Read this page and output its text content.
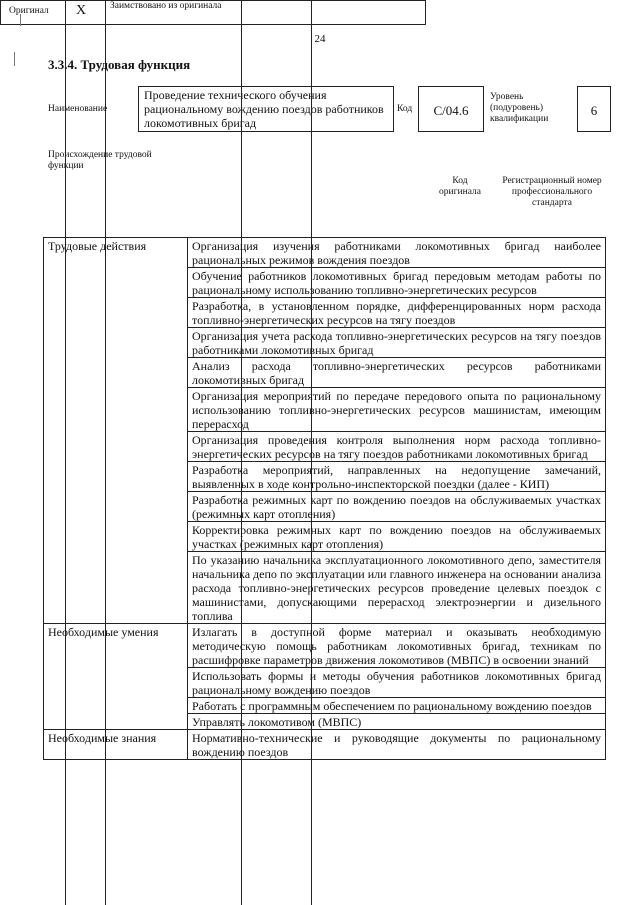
24
3.3.4. Трудовая функция
Наименование
Проведение технического обучения рациональному вождению поездов работников локомотивных бригад
Код	С/04.6
Уровень (подуровень) квалификации
6
Происхождение трудовой функции
Оригинал X	Заимствовано из оригинала
Код оригинала
Регистрационный номер профессионального стандарта
Трудовые действия	Организация изучения работниками локомотивных бригад наиболее рациональных режимов вождения поездов
	Обучение работников локомотивных бригад передовым методам работы по рациональному использованию топливно-энергетических ресурсов
	Разработка, в установленном порядке, дифференцированных норм расхода топливно-энергетических ресурсов на тягу поездов
	Организация учета расхода топливно-энергетических ресурсов на тягу поездов работниками локомотивных бригад
	Анализ расхода топливно-энергетических ресурсов работниками локомотивных бригад
	Организация мероприятий по передаче передового опыта по рациональному использованию топливно-энергетических ресурсов машинистам, имеющим перерасход
	Организация проведения контроля выполнения норм расхода топливно-энергетических ресурсов на тягу поездов работниками локомотивных бригад
	Разработка мероприятий, направленных на недопущение замечаний, выявленных в ходе контрольно-инспекторской поездки (далее - КИП)
	Разработка режимных карт по вождению поездов на обслуживаемых участках (режимных карт отопления)
	Корректировка режимных карт по вождению поездов на обслуживаемых участках (режимных карт отопления)
	По указанию начальника эксплуатационного локомотивного депо, заместителя начальника депо по эксплуатации или главного инженера на основании анализа расхода топливно-энергетических ресурсов проведение целевых поездок с машинистами, допускающими перерасход электроэнергии и дизельного топлива
Необходимые умения	Излагать в доступной форме материал и оказывать необходимую методическую помощь работникам локомотивных бригад, техникам по расшифровке параметров движения локомотивов (МВПС) в освоении знаний
	Использовать формы и методы обучения работников локомотивных бригад рациональному вождению поездов
	Работать с программным обеспечением по рациональному вождению поездов
	Управлять локомотивом (МВПС)
Необходимые знания	Нормативно-технические и руководящие документы по рациональному вождению поездов
